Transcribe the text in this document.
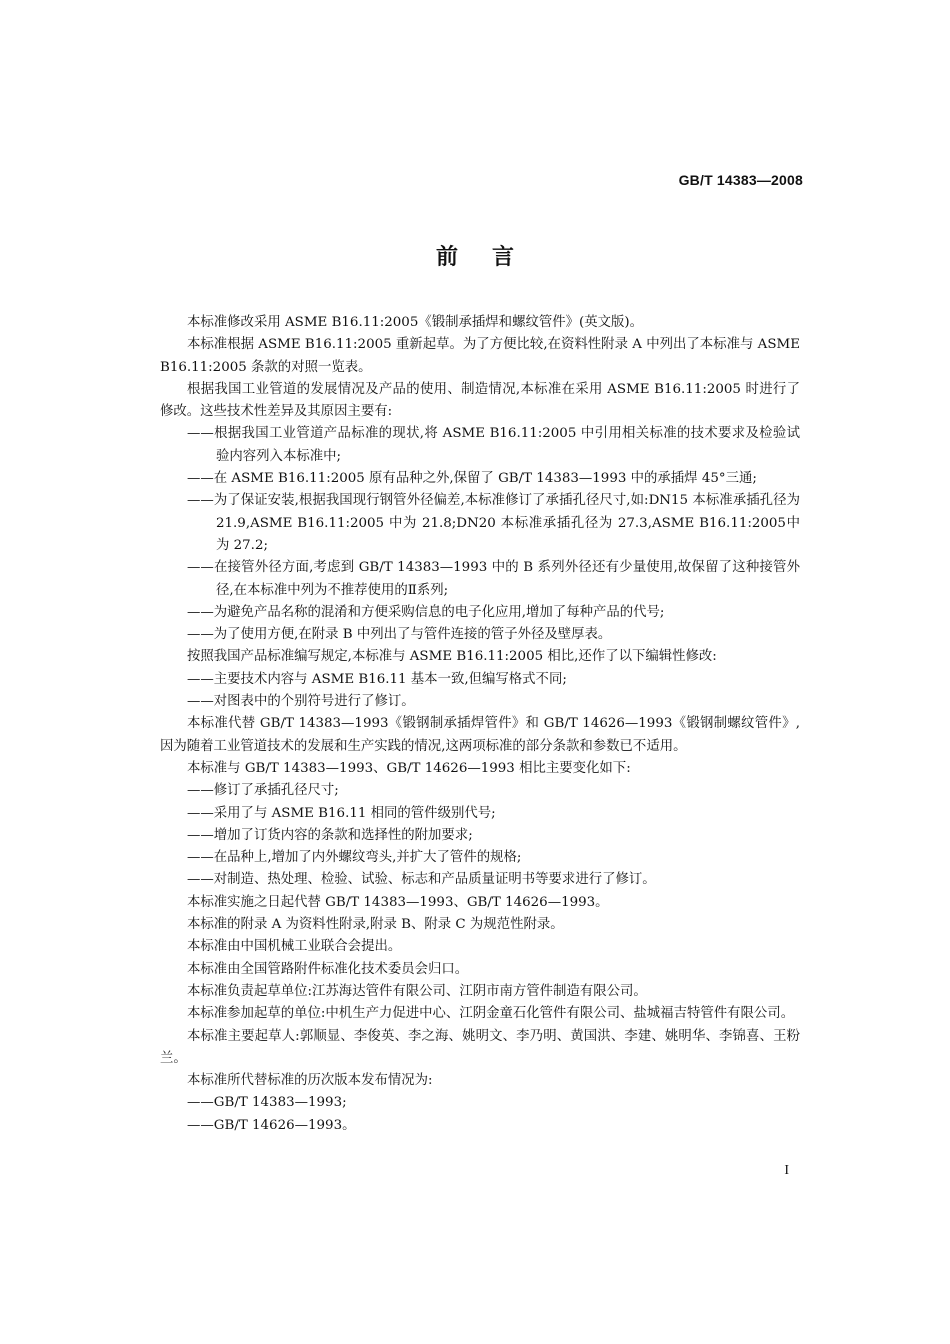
GB/T 14383—2008
前言

本标准修改采用 ASME B16.11:2005《锻制承插焊和螺纹管件》(英文版)。

本标准根据 ASME B16.11:2005 重新起草。为了方便比较,在资料性附录 A 中列出了本标准与 ASME B16.11:2005 条款的对照一览表。

根据我国工业管道的发展情况及产品的使用、制造情况,本标准在采用 ASME B16.11:2005 时进行了修改。这些技术性差异及其原因主要有:

——根据我国工业管道产品标准的现状,将 ASME B16.11:2005 中引用相关标准的技术要求及检验试验内容列入本标准中;

——在 ASME B16.11:2005 原有品种之外,保留了 GB/T 14383—1993 中的承插焊 45°三通;

——为了保证安装,根据我国现行钢管外径偏差,本标准修订了承插孔径尺寸,如:DN15 本标准承插孔径为 21.9,ASME B16.11:2005 中为 21.8;DN20 本标准承插孔径为 27.3,ASME B16.11:2005中为 27.2;

——在接管外径方面,考虑到 GB/T 14383—1993 中的 B 系列外径还有少量使用,故保留了这种接管外径,在本标准中列为不推荐使用的Ⅱ系列;

——为避免产品名称的混淆和方便采购信息的电子化应用,增加了每种产品的代号;

——为了使用方便,在附录 B 中列出了与管件连接的管子外径及壁厚表。

按照我国产品标准编写规定,本标准与 ASME B16.11:2005 相比,还作了以下编辑性修改:

——主要技术内容与 ASME B16.11 基本一致,但编写格式不同;

——对图表中的个别符号进行了修订。

本标准代替 GB/T 14383—1993《锻钢制承插焊管件》和 GB/T 14626—1993《锻钢制螺纹管件》,因为随着工业管道技术的发展和生产实践的情况,这两项标准的部分条款和参数已不适用。

本标准与 GB/T 14383—1993、GB/T 14626—1993 相比主要变化如下:

——修订了承插孔径尺寸;

——采用了与 ASME B16.11 相同的管件级别代号;

——增加了订货内容的条款和选择性的附加要求;

——在品种上,增加了内外螺纹弯头,并扩大了管件的规格;

——对制造、热处理、检验、试验、标志和产品质量证明书等要求进行了修订。

本标准实施之日起代替 GB/T 14383—1993、GB/T 14626—1993。

本标准的附录 A 为资料性附录,附录 B、附录 C 为规范性附录。

本标准由中国机械工业联合会提出。

本标准由全国管路附件标准化技术委员会归口。

本标准负责起草单位:江苏海达管件有限公司、江阴市南方管件制造有限公司。

本标准参加起草的单位:中机生产力促进中心、江阴金童石化管件有限公司、盐城福吉特管件有限公司。

本标准主要起草人:郭顺显、李俊英、李之海、姚明文、李乃明、黄国洪、李建、姚明华、李锦喜、王粉兰。

本标准所代替标准的历次版本发布情况为:

——GB/T 14383—1993;

——GB/T 14626—1993。

I
